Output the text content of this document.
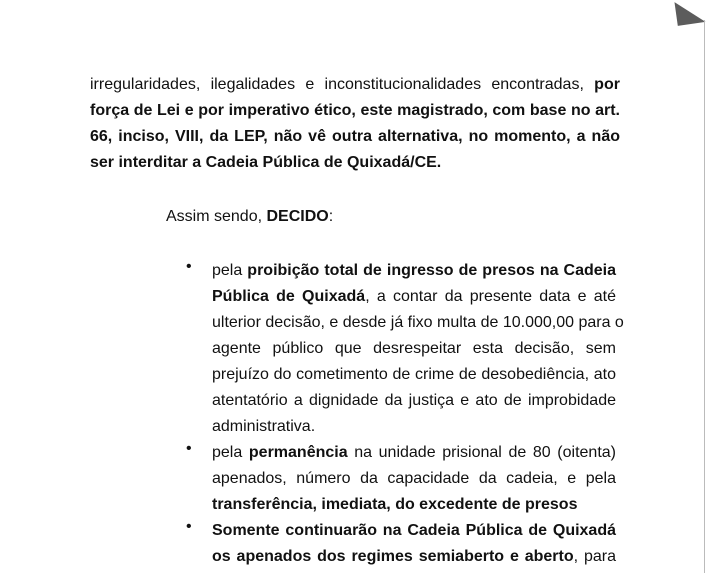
irregularidades, ilegalidades e inconstitucionalidades encontradas, por
força de Lei e por imperativo ético, este magistrado, com base no art.
66, inciso, VIII, da LEP, não vê outra alternativa, no momento, a não
ser interditar a Cadeia Pública de Quixadá/CE.
Assim sendo, DECIDO:
• pela proibição total de ingresso de presos na Cadeia
Pública de Quixadá, a contar da presente data e até
ulterior decisão, e desde já fixo multa de 10.000,00 para o
agente público que desrespeitar esta decisão, sem
prejuízo do cometimento de crime de desobediência, ato
atentatório a dignidade da justiça e ato de improbidade
administrativa.
• pela permanência na unidade prisional de 80 (oitenta)
apenados, número da capacidade da cadeia, e pela
transferência, imediata, do excedente de presos
• Somente continuarão na Cadeia Pública de Quixadá
os apenados dos regimes semiaberto e aberto, para
